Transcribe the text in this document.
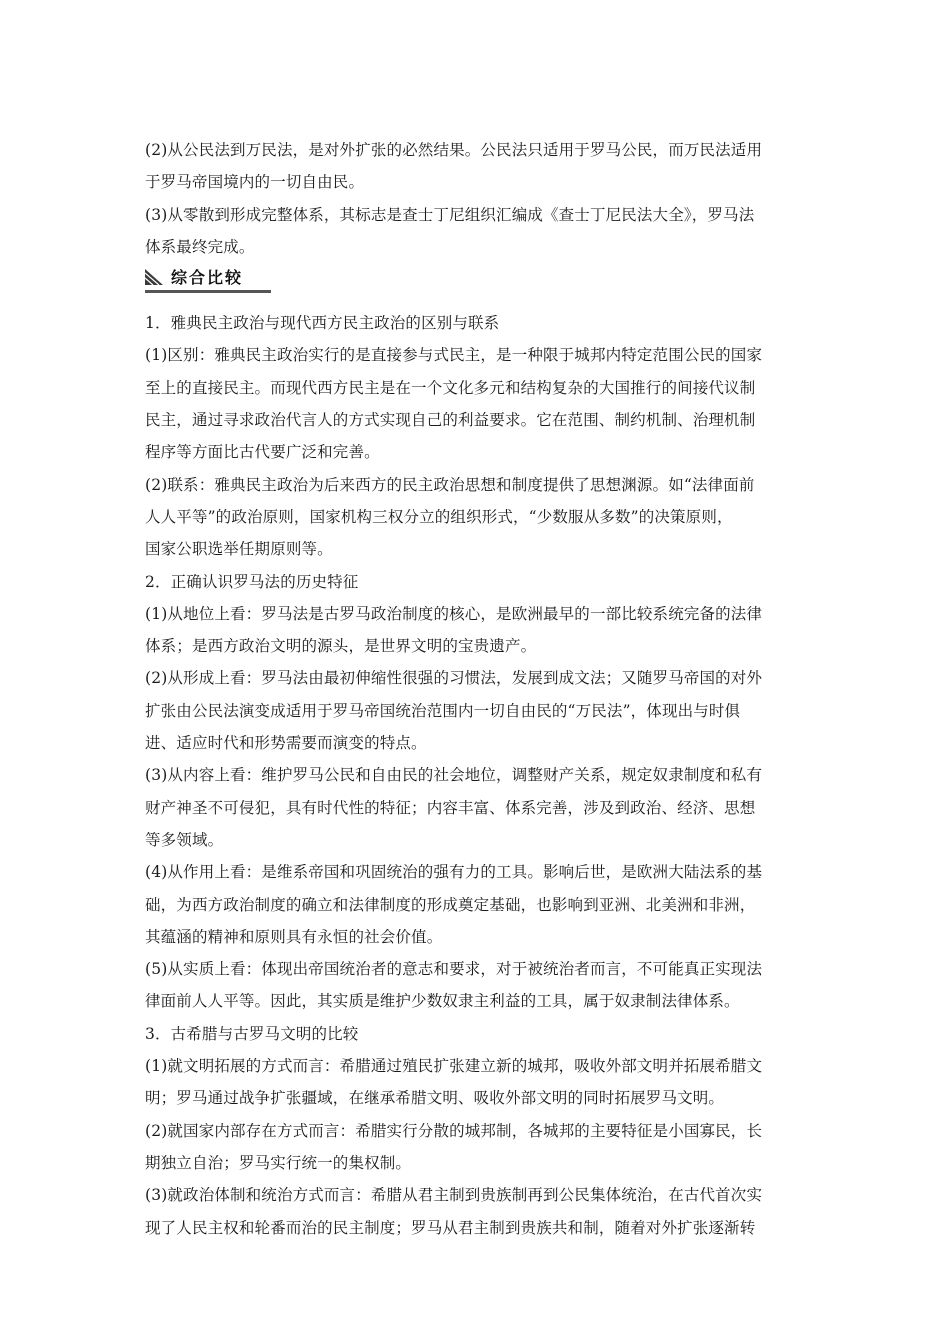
(2)从公民法到万民法，是对外扩张的必然结果。公民法只适用于罗马公民，而万民法适用
于罗马帝国境内的一切自由民。
(3)从零散到形成完整体系，其标志是查士丁尼组织汇编成《查士丁尼民法大全》，罗马法
体系最终完成。
综合比较
1．雅典民主政治与现代西方民主政治的区别与联系
(1)区别：雅典民主政治实行的是直接参与式民主，是一种限于城邦内特定范围公民的国家
至上的直接民主。而现代西方民主是在一个文化多元和结构复杂的大国推行的间接代议制
民主，通过寻求政治代言人的方式实现自己的利益要求。它在范围、制约机制、治理机制
程序等方面比古代要广泛和完善。
(2)联系：雅典民主政治为后来西方的民主政治思想和制度提供了思想渊源。如“法律面前
人人平等”的政治原则，国家机构三权分立的组织形式，“少数服从多数”的决策原则，
国家公职选举任期原则等。
2．正确认识罗马法的历史特征
(1)从地位上看：罗马法是古罗马政治制度的核心，是欧洲最早的一部比较系统完备的法律
体系；是西方政治文明的源头，是世界文明的宝贵遗产。
(2)从形成上看：罗马法由最初伸缩性很强的习惯法，发展到成文法；又随罗马帝国的对外
扩张由公民法演变成适用于罗马帝国统治范围内一切自由民的“万民法”，体现出与时俱
进、适应时代和形势需要而演变的特点。
(3)从内容上看：维护罗马公民和自由民的社会地位，调整财产关系，规定奴隶制度和私有
财产神圣不可侵犯，具有时代性的特征；内容丰富、体系完善，涉及到政治、经济、思想
等多领域。
(4)从作用上看：是维系帝国和巩固统治的强有力的工具。影响后世，是欧洲大陆法系的基
础，为西方政治制度的确立和法律制度的形成奠定基础，也影响到亚洲、北美洲和非洲，
其蕴涵的精神和原则具有永恒的社会价值。
(5)从实质上看：体现出帝国统治者的意志和要求，对于被统治者而言，不可能真正实现法
律面前人人平等。因此，其实质是维护少数奴隶主利益的工具，属于奴隶制法律体系。
3．古希腊与古罗马文明的比较
(1)就文明拓展的方式而言：希腊通过殖民扩张建立新的城邦，吸收外部文明并拓展希腊文
明；罗马通过战争扩张疆域，在继承希腊文明、吸收外部文明的同时拓展罗马文明。
(2)就国家内部存在方式而言：希腊实行分散的城邦制，各城邦的主要特征是小国寡民，长
期独立自治；罗马实行统一的集权制。
(3)就政治体制和统治方式而言：希腊从君主制到贵族制再到公民集体统治，在古代首次实
现了人民主权和轮番而治的民主制度；罗马从君主制到贵族共和制，随着对外扩张逐渐转
